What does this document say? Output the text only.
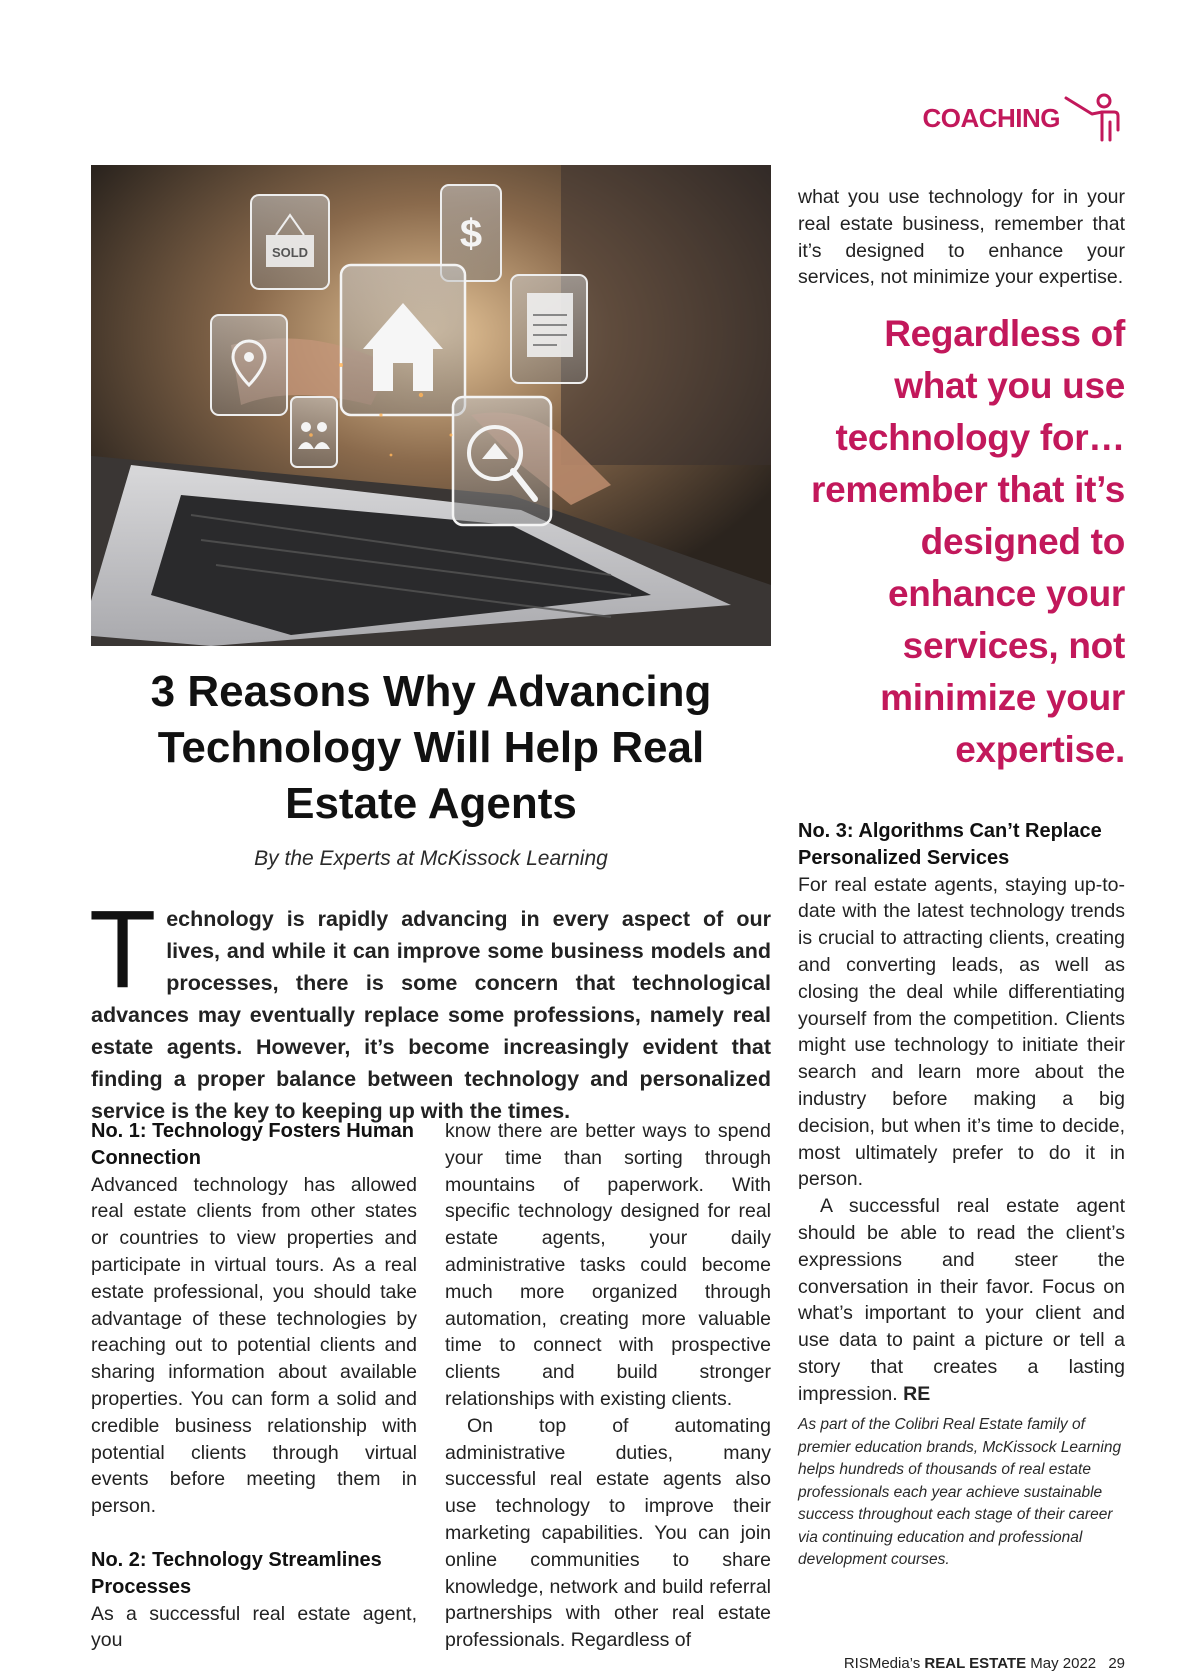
COACHING
SOLD	$
3 Reasons Why Advancing Technology Will Help Real Estate Agents
By the Experts at McKissock Learning

Technology is rapidly advancing in every aspect of our lives, and while it can improve some business models and processes, there is some concern that technological advances may eventually replace some professions, namely real estate agents. However, it’s become increasingly evident that finding a proper balance between technology and personalized service is the key to keeping up with the times.

No. 1: Technology Fosters Human Connection

Advanced technology has allowed real estate clients from other states or countries to view properties and participate in virtual tours. As a real estate professional, you should take advantage of these technologies by reaching out to potential clients and sharing information about available properties. You can form a solid and credible business relationship with potential clients through virtual events before meeting them in person.

No. 2: Technology Streamlines Processes

As a successful real estate agent, you

know there are better ways to spend your time than sorting through mountains of paperwork. With specific technology designed for real estate agents, your daily administrative tasks could become much more organized through automation, creating more valuable time to connect with prospective clients and build stronger relationships with existing clients.

On top of automating administrative duties, many successful real estate agents also use technology to improve their marketing capabilities. You can join online communities to share knowledge, network and build referral partnerships with other real estate professionals. Regardless of

what you use technology for in your real estate business, remember that it’s designed to enhance your services, not minimize your expertise.

Regardless of what you use technology for… remember that it’s designed to enhance your services, not minimize your expertise.

No. 3: Algorithms Can’t Replace Personalized Services

For real estate agents, staying up-to-date with the latest technology trends is crucial to attracting clients, creating and converting leads, as well as closing the deal while differentiating yourself from the competition. Clients might use technology to initiate their search and learn more about the industry before making a big decision, but when it’s time to decide, most ultimately prefer to do it in person.

A successful real estate agent should be able to read the client’s expressions and steer the conversation in their favor. Focus on what’s important to your client and use data to paint a picture or tell a story that creates a lasting impression. RE

As part of the Colibri Real Estate family of premier education brands, McKissock Learning helps hundreds of thousands of real estate professionals each year achieve sustainable success throughout each stage of their career via continuing education and professional development courses.

RISMedia’s REAL ESTATE May 2022 29
